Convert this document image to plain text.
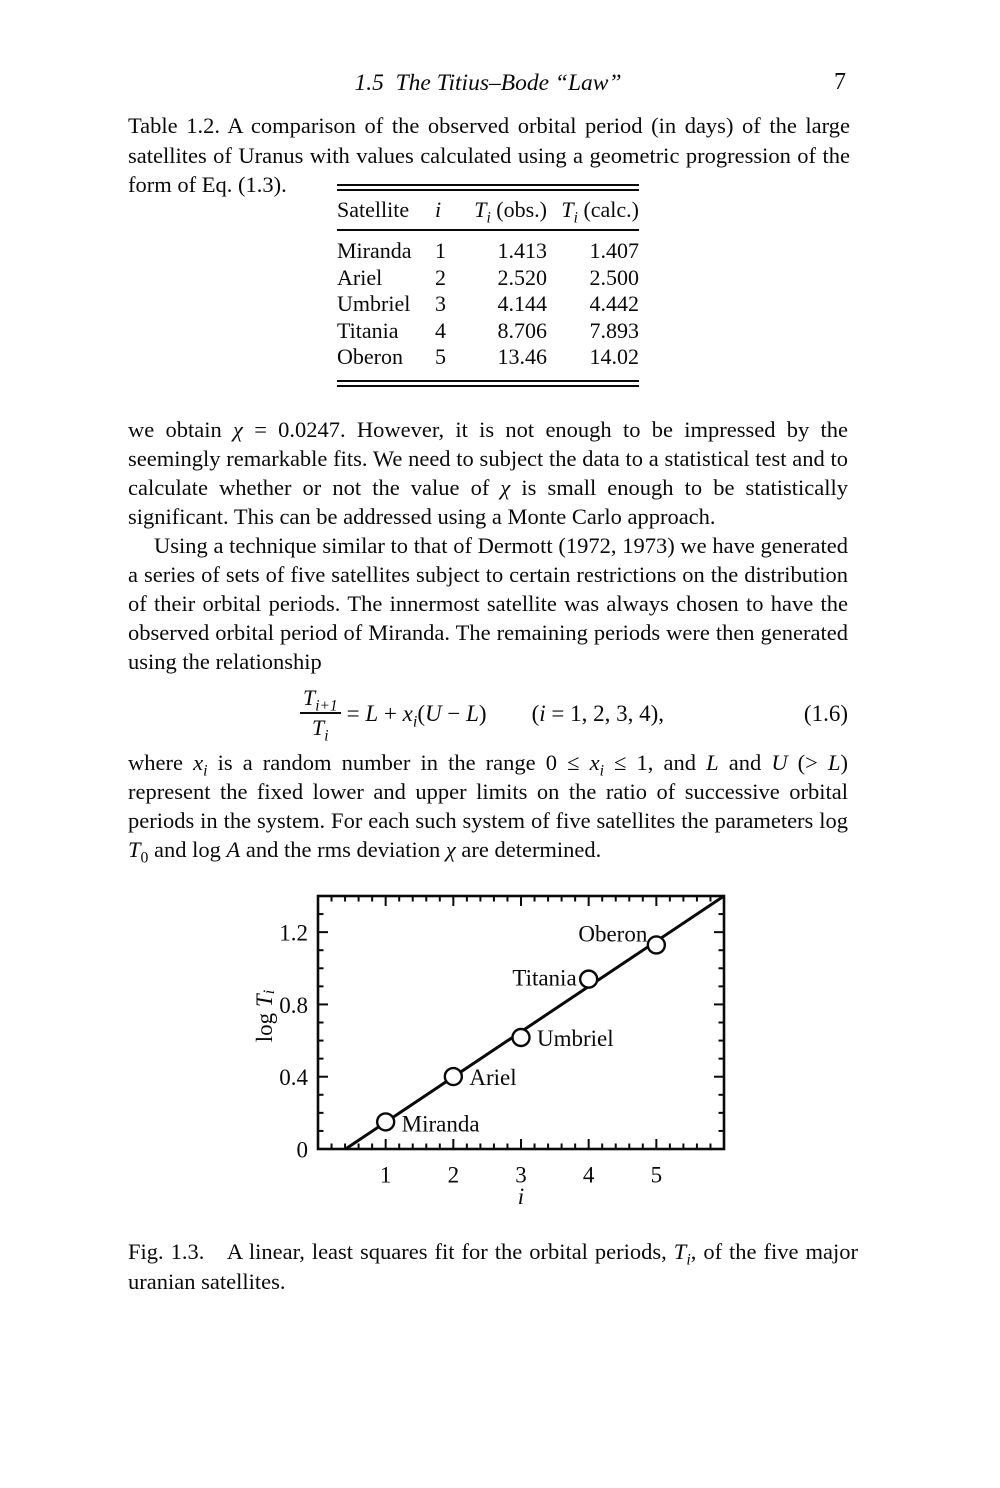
1.5 The Titius–Bode “Law”	7
Table 1.2. A comparison of the observed orbital period (in days) of the large satellites of Uranus with values calculated using a geometric progression of the form of Eq. (1.3).
Satellite	i	$T_i$ (obs.)	$T_i$ (calc.)
Miranda	1	1.413	1.407
Ariel	2	2.520	2.500
Umbriel	3	4.144	4.442
Titania	4	8.706	7.893
Oberon	5	13.46	14.02

we obtain χ = 0.0247. However, it is not enough to be impressed by the seemingly remarkable fits. We need to subject the data to a statistical test and to calculate whether or not the value of χ is small enough to be statistically significant. This can be addressed using a Monte Carlo approach.

Using a technique similar to that of Dermott (1972, 1973) we have generated a series of sets of five satellites subject to certain restrictions on the distribution of their orbital periods. The innermost satellite was always chosen to have the observed orbital period of Miranda. The remaining periods were then generated using the relationship

$\frac{T_{i+1}}{T_i} = L + x_i(U - L) (i = 1$, 2, 3, 4),	(1.6)

where $x_i$ is a random number in the range $0 \le x_i \le 1$, and L and U (> L) represent the fixed lower and upper limits on the ratio of successive orbital periods in the system. For each such system of five satellites the parameters $\log T_0$ and log A and the rms deviation χ are determined.

1 2 3 4 5
0
0.4
0.8
1.2
Miranda
Ariel
Umbriel
Titania
Oberon
i
$\log T_i$
Fig. 1.3. A linear, least squares fit for the orbital periods, $T_i$, of the five major uranian satellites.
